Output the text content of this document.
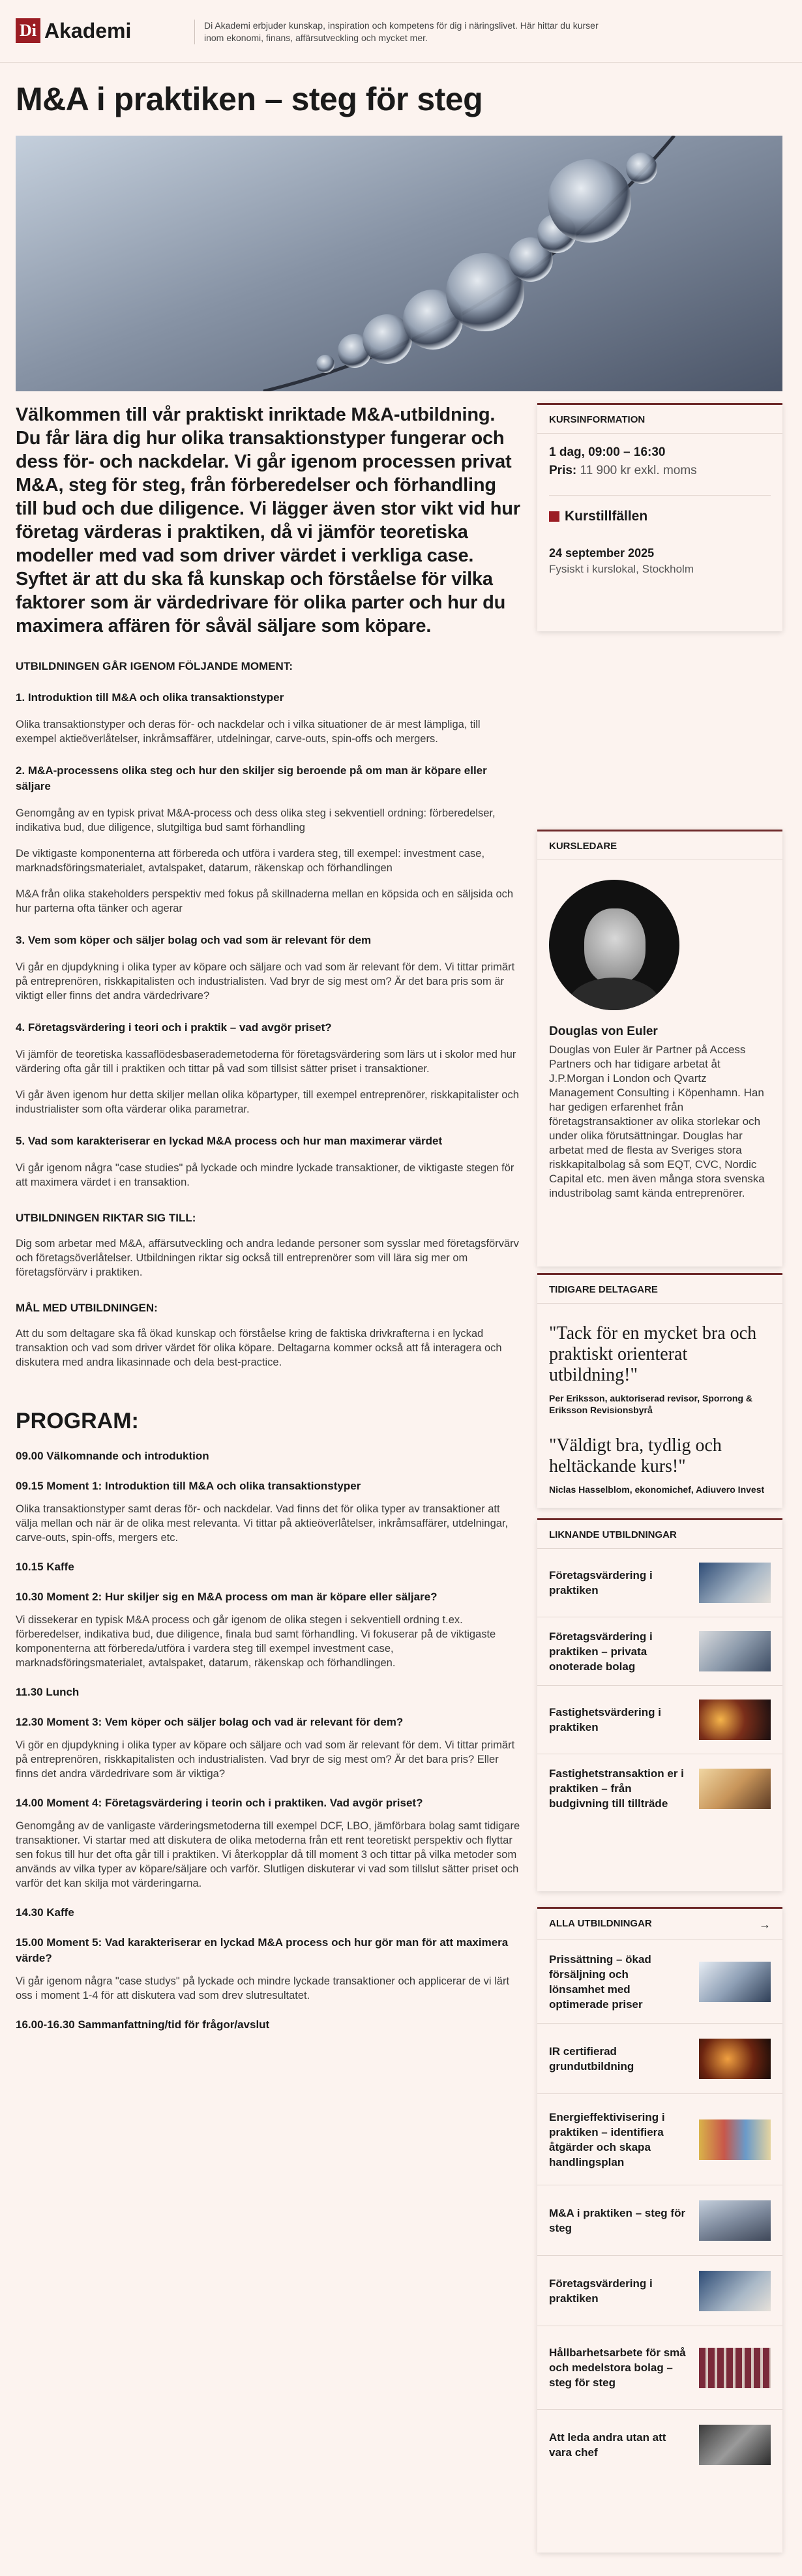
Di Akademi	Di Akademi erbjuder kunskap, inspiration och kompetens för dig i näringslivet. Här hittar du kurser inom ekonomi, finans, affärsutveckling och mycket mer.
M&A i praktiken – steg för steg

Välkommen till vår praktiskt inriktade M&A-utbildning. Du får lära dig hur olika transaktionstyper fungerar och dess för- och nackdelar. Vi går igenom processen privat M&A, steg för steg, från förberedelser och förhandling till bud och due diligence. Vi lägger även stor vikt vid hur företag värderas i praktiken, då vi jämför teoretiska modeller med vad som driver värdet i verkliga case. Syftet är att du ska få kunskap och förståelse för vilka faktorer som är värdedrivare för olika parter och hur du maximera affären för såväl säljare som köpare.

UTBILDNINGEN GÅR IGENOM FÖLJANDE MOMENT:

1. Introduktion till M&A och olika transaktionstyper

Olika transaktionstyper och deras för- och nackdelar och i vilka situationer de är mest lämpliga, till exempel aktieöverlåtelser, inkråmsaffärer, utdelningar, carve-outs, spin-offs och mergers.

2. M&A-processens olika steg och hur den skiljer sig beroende på om man är köpare eller säljare

Genomgång av en typisk privat M&A-process och dess olika steg i sekventiell ordning: förberedelser, indikativa bud, due diligence, slutgiltiga bud samt förhandling

De viktigaste komponenterna att förbereda och utföra i vardera steg, till exempel: investment case, marknadsföringsmaterialet, avtalspaket, datarum, räkenskap och förhandlingen

M&A från olika stakeholders perspektiv med fokus på skillnaderna mellan en köpsida och en säljsida och hur parterna ofta tänker och agerar

3. Vem som köper och säljer bolag och vad som är relevant för dem

Vi går en djupdykning i olika typer av köpare och säljare och vad som är relevant för dem. Vi tittar primärt på entreprenören, riskkapitalisten och industrialisten. Vad bryr de sig mest om? Är det bara pris som är viktigt eller finns det andra värdedrivare?

4. Företagsvärdering i teori och i praktik – vad avgör priset?

Vi jämför de teoretiska kassaflödesbaserademetoderna för företagsvärdering som lärs ut i skolor med hur värdering ofta går till i praktiken och tittar på vad som tillsist sätter priset i transaktioner.

Vi går även igenom hur detta skiljer mellan olika köpartyper, till exempel entreprenörer, riskkapitalister och industrialister som ofta värderar olika parametrar.

5. Vad som karakteriserar en lyckad M&A process och hur man maximerar värdet

Vi går igenom några "case studies" på lyckade och mindre lyckade transaktioner, de viktigaste stegen för att maximera värdet i en transaktion.

UTBILDNINGEN RIKTAR SIG TILL:

Dig som arbetar med M&A, affärsutveckling och andra ledande personer som sysslar med företagsförvärv och företagsöverlåtelser. Utbildningen riktar sig också till entreprenörer som vill lära sig mer om företagsförvärv i praktiken.

MÅL MED UTBILDNINGEN:

Att du som deltagare ska få ökad kunskap och förståelse kring de faktiska drivkrafterna i en lyckad transaktion och vad som driver värdet för olika köpare. Deltagarna kommer också att få interagera och diskutera med andra likasinnade och dela best-practice.

PROGRAM:

09.00 Välkomnande och introduktion

09.15 Moment 1: Introduktion till M&A och olika transaktionstyper

Olika transaktionstyper samt deras för- och nackdelar. Vad finns det för olika typer av transaktioner att välja mellan och när är de olika mest relevanta. Vi tittar på aktieöverlåtelser, inkråmsaffärer, utdelningar, carve-outs, spin-offs, mergers etc.

10.15 Kaffe

10.30 Moment 2: Hur skiljer sig en M&A process om man är köpare eller säljare?

Vi dissekerar en typisk M&A process och går igenom de olika stegen i sekventiell ordning t.ex. förberedelser, indikativa bud, due diligence, finala bud samt förhandling. Vi fokuserar på de viktigaste komponenterna att förbereda/utföra i vardera steg till exempel investment case, marknadsföringsmaterialet, avtalspaket, datarum, räkenskap och förhandlingen.

11.30 Lunch

12.30 Moment 3: Vem köper och säljer bolag och vad är relevant för dem?

Vi gör en djupdykning i olika typer av köpare och säljare och vad som är relevant för dem. Vi tittar primärt på entreprenören, riskkapitalisten och industrialisten. Vad bryr de sig mest om? Är det bara pris? Eller finns det andra värdedrivare som är viktiga?

14.00 Moment 4: Företagsvärdering i teorin och i praktiken. Vad avgör priset?

Genomgång av de vanligaste värderingsmetoderna till exempel DCF, LBO, jämförbara bolag samt tidigare transaktioner. Vi startar med att diskutera de olika metoderna från ett rent teoretiskt perspektiv och flyttar sen fokus till hur det ofta går till i praktiken. Vi återkopplar då till moment 3 och tittar på vilka metoder som används av vilka typer av köpare/säljare och varför. Slutligen diskuterar vi vad som tillslut sätter priset och varför det kan skilja mot värderingarna.

14.30 Kaffe

15.00 Moment 5: Vad karakteriserar en lyckad M&A process och hur gör man för att maximera värde?

Vi går igenom några "case studys" på lyckade och mindre lyckade transaktioner och applicerar de vi lärt oss i moment 1-4 för att diskutera vad som drev slutresultatet.

16.00-16.30 Sammanfattning/tid för frågor/avslut

KURSINFORMATION

1 dag, 09:00 – 16:30

Pris: 11 900 kr exkl. moms

Kurstillfällen

24 september 2025

Fysiskt i kurslokal, Stockholm

KURSLEDARE

Douglas von Euler

Douglas von Euler är Partner på Access Partners och har tidigare arbetat åt J.P.Morgan i London och Qvartz Management Consulting i Köpenhamn. Han har gedigen erfarenhet från företagstransaktioner av olika storlekar och under olika förutsättningar. Douglas har arbetat med de flesta av Sveriges stora riskkapitalbolag så som EQT, CVC, Nordic Capital etc. men även många stora svenska industribolag samt kända entreprenörer.

TIDIGARE DELTAGARE

"Tack för en mycket bra och praktiskt orienterat utbildning!"

Per Eriksson, auktoriserad revisor, Sporrong & Eriksson Revisionsbyrå

"Väldigt bra, tydlig och heltäckande kurs!"

Niclas Hasselblom, ekonomichef, Adiuvero Invest

LIKNANDE UTBILDNINGAR
Företagsvärdering i praktiken
Företagsvärdering i praktiken – privata onoterade bolag
Fastighetsvärdering i praktiken
Fastighetstransaktion er i praktiken – från budgivning till tillträde
ALLA UTBILDNINGAR	→
Prissättning – ökad försäljning och lönsamhet med optimerade priser
IR certifierad grundutbildning
Energieffektivisering i praktiken – identifiera åtgärder och skapa handlingsplan
M&A i praktiken – steg för steg
Företagsvärdering i praktiken
Hållbarhetsarbete för små och medelstora bolag – steg för steg
Att leda andra utan att vara chef
